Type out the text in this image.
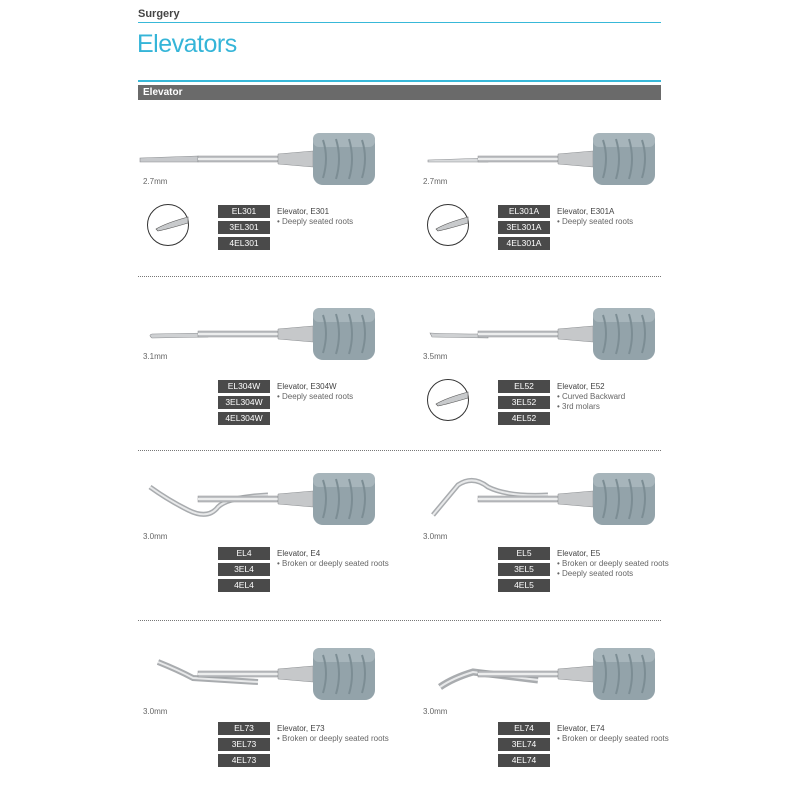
Surgery
Elevators
Elevator
2.7mm
EL301
3EL301
4EL301
Elevator, E301
• Deeply seated roots
2.7mm
EL301A
3EL301A
4EL301A
Elevator, E301A
• Deeply seated roots
3.1mm
EL304W
3EL304W
4EL304W
Elevator, E304W
• Deeply seated roots
3.5mm
EL52
3EL52
4EL52
Elevator, E52
• Curved Backward
• 3rd molars
3.0mm
EL4
3EL4
4EL4
Elevator, E4
• Broken or deeply seated roots
3.0mm
EL5
3EL5
4EL5
Elevator, E5
• Broken or deeply seated roots
• Deeply seated roots
3.0mm
EL73
3EL73
4EL73
Elevator, E73
• Broken or deeply seated roots
3.0mm
EL74
3EL74
4EL74
Elevator, E74
• Broken or deeply seated roots
